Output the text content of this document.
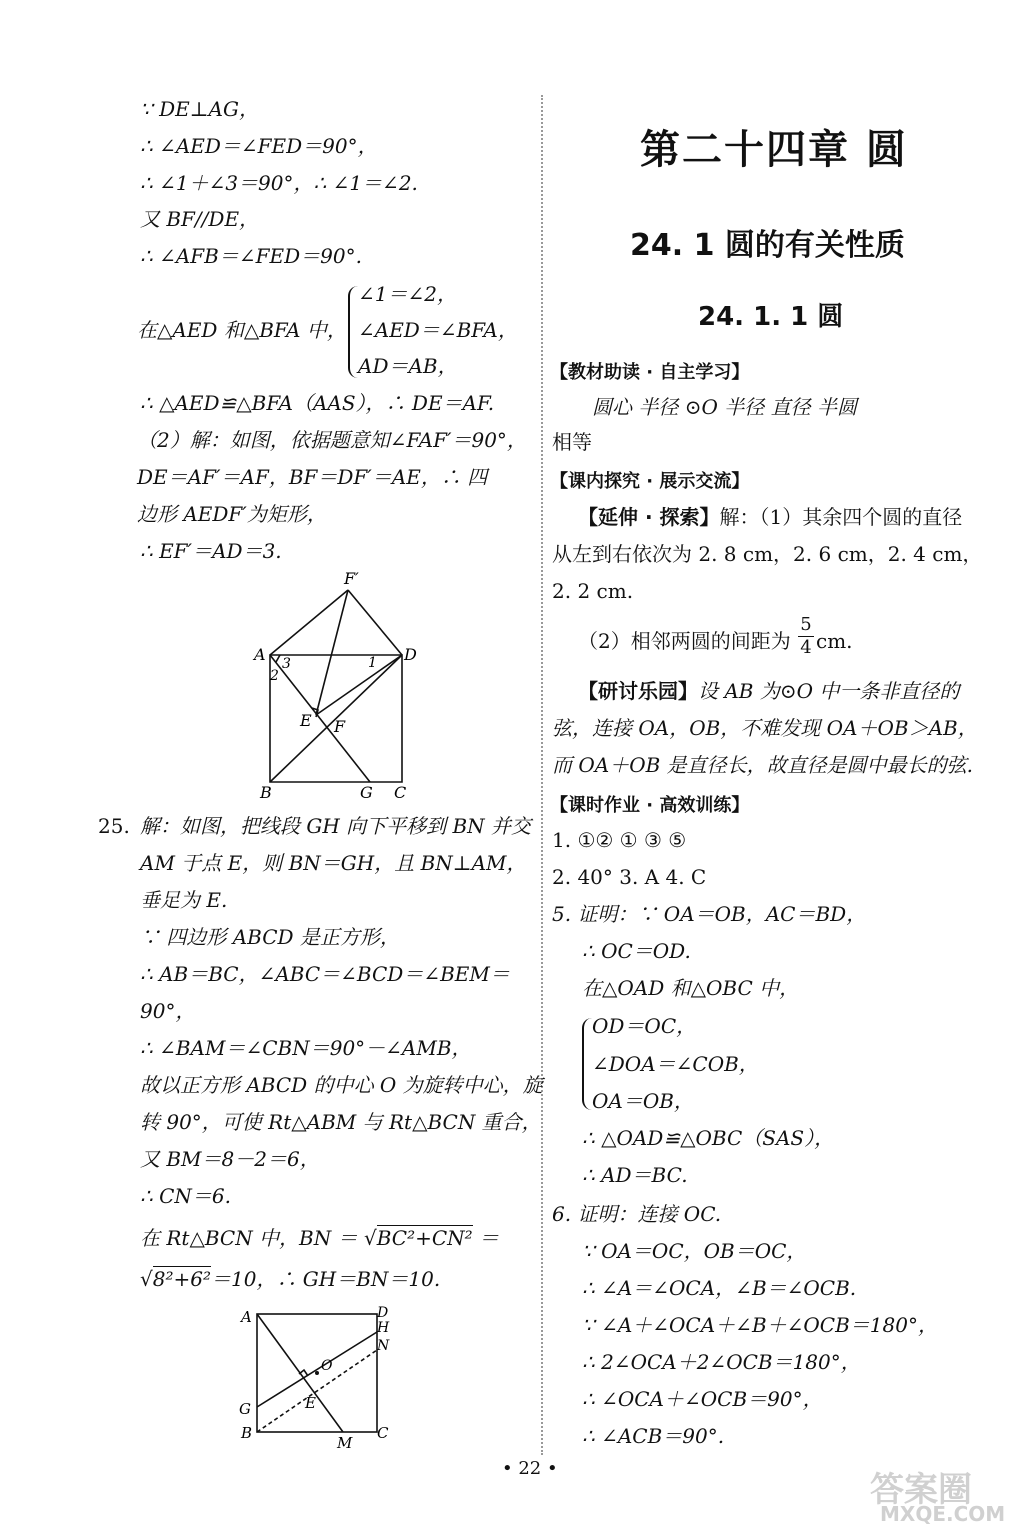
∵ DE⊥AG，
∴ ∠AED＝∠FED＝90°，
∴ ∠1＋∠3＝90°，∴ ∠1＝∠2.
又 BF//DE，
∴ ∠AFB＝∠FED＝90°.
在△AED 和△BFA 中，
∠1＝∠2，
∠AED＝∠BFA，
AD＝AB，
∴ △AED≌△BFA（AAS），∴ DE＝AF.
（2）解：如图，依据题意知∠FAF′＝90°，
DE＝AF′＝AF，BF＝DF′＝AE，∴ 四
边形 AEDF′为矩形，
∴ EF′＝AD＝3.
F′
A	D
1
2
3
E F
B	G C
25. 解：如图，把线段 GH 向下平移到 BN 并交
AM 于点 E，则 BN＝GH，且 BN⊥AM，
垂足为 E.
∵ 四边形 ABCD 是正方形，
∴ AB＝BC，∠ABC＝∠BCD＝∠BEM＝
90°，
∴ ∠BAM＝∠CBN＝90°－∠AMB，
故以正方形 ABCD 的中心 O 为旋转中心，旋
转 90°，可使 Rt△ABM 与 Rt△BCN 重合，
又 BM＝8－2＝6，
∴ CN＝6.
在 Rt△BCN 中，BN ＝ √BC²+CN² ＝
√8²+6²＝10，∴ GH＝BN＝10.
A	D
H
N
O
G	E
B
M
C
第二十四章 圆
24. 1 圆的有关性质
24. 1. 1 圆
【教材助读 · 自主学习】
圆心 半径 ⊙O 半径 直径 半圆
相等
【课内探究 · 展示交流】
【延伸 · 探索】解：（1）其余四个圆的直径
从左到右依次为 2. 8 cm，2. 6 cm，2. 4 cm，
2. 2 cm.
（2）相邻两圆的间距为 $\frac{5}{4}$ cm.
【研讨乐园】设 AB 为⊙O 中一条非直径的
弦，连接 OA，OB，不难发现 OA＋OB＞AB，
而 OA＋OB 是直径长，故直径是圆中最长的弦.
【课时作业 · 高效训练】
1. ①② ① ③ ⑤
2. 40° 3. A 4. C
5. 证明：∵ OA＝OB，AC＝BD，
∴ OC＝OD.
在△OAD 和△OBC 中，
OD＝OC，
∠DOA＝∠COB，
OA＝OB，
∴ △OAD≌△OBC（SAS），
∴ AD＝BC.
6. 证明：连接 OC.
∵ OA＝OC，OB＝OC，
∴ ∠A＝∠OCA，∠B＝∠OCB.
∵ ∠A＋∠OCA＋∠B＋∠OCB＝180°，
∴ 2∠OCA＋2∠OCB＝180°，
∴ ∠OCA＋∠OCB＝90°，
∴ ∠ACB＝90°.
• 22 •
答案圈
MXQE.COM
